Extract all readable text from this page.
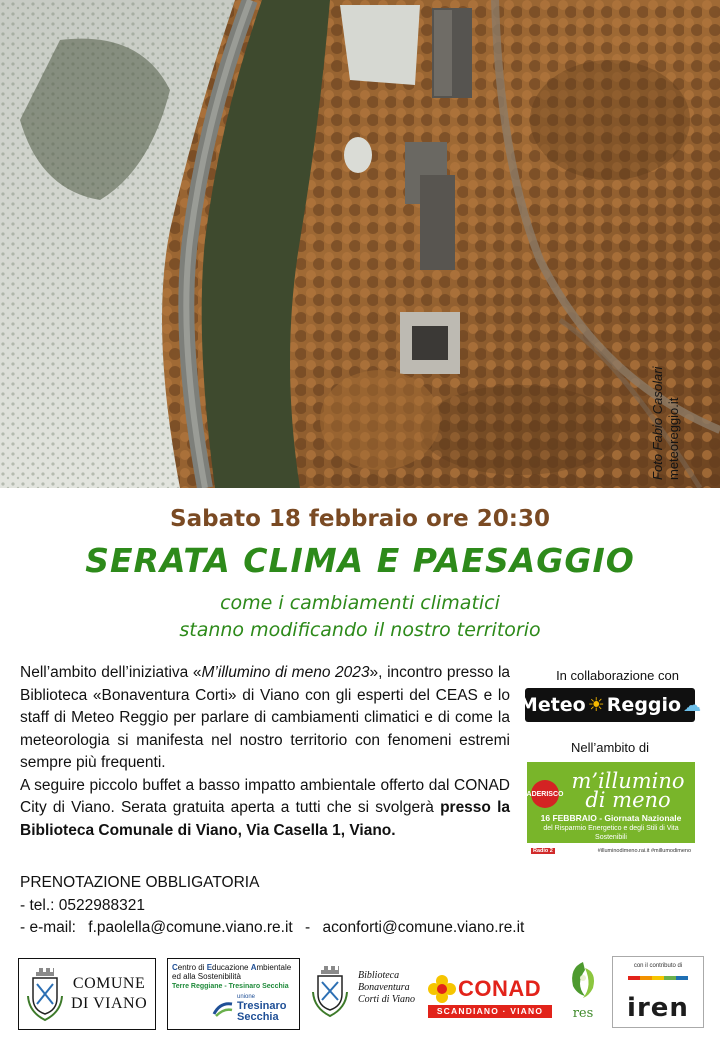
Foto Fabio Casolari meteoreggio.it
Sabato 18 febbraio ore 20:30
SERATA CLIMA E PAESAGGIO
come i cambiamenti climatici
stanno modificando il nostro territorio

Nell’ambito dell’iniziativa «M’illumino di meno 2023», incontro presso la Biblioteca «Bonaventura Corti» di Viano con gli esperti del CEAS e lo staff di Meteo Reggio per parlare di cambiamenti climatici e di come la meteorologia si manifesta nel nostro territorio con fenomeni estremi sempre più frequenti.

A seguire piccolo buffet a basso impatto ambientale offerto dal CONAD City di Viano. Serata gratuita aperta a tutti che si svolgerà presso la Biblioteca Comunale di Viano, Via Casella 1, Viano.

PRENOTAZIONE OBBLIGATORIA
- tel.: 0522988321
- e-mail: f.paolella@comune.viano.re.it - aconforti@comune.viano.re.it
In collaborazione con
Meteo ☀ Reggio ☁
Nell’ambito di
ADERISCO
m’illumino
di meno
16 FEBBRAIO - Giornata Nazionale
del Risparmio Energetico e degli Stili di Vita Sostenibili
Radio 2	#illuminodimeno.rai.it #millumodimeno
COMUNE
DI VIANO
Centro di Educazione Ambientale
ed alla Sostenibilità
Terre Reggiane - Tresinaro Secchia
unione
Tresinaro
Secchia
Biblioteca
Bonaventura
Corti di Viano CONAD
SCANDIANO · VIANO	res
con il contributo di
iren
